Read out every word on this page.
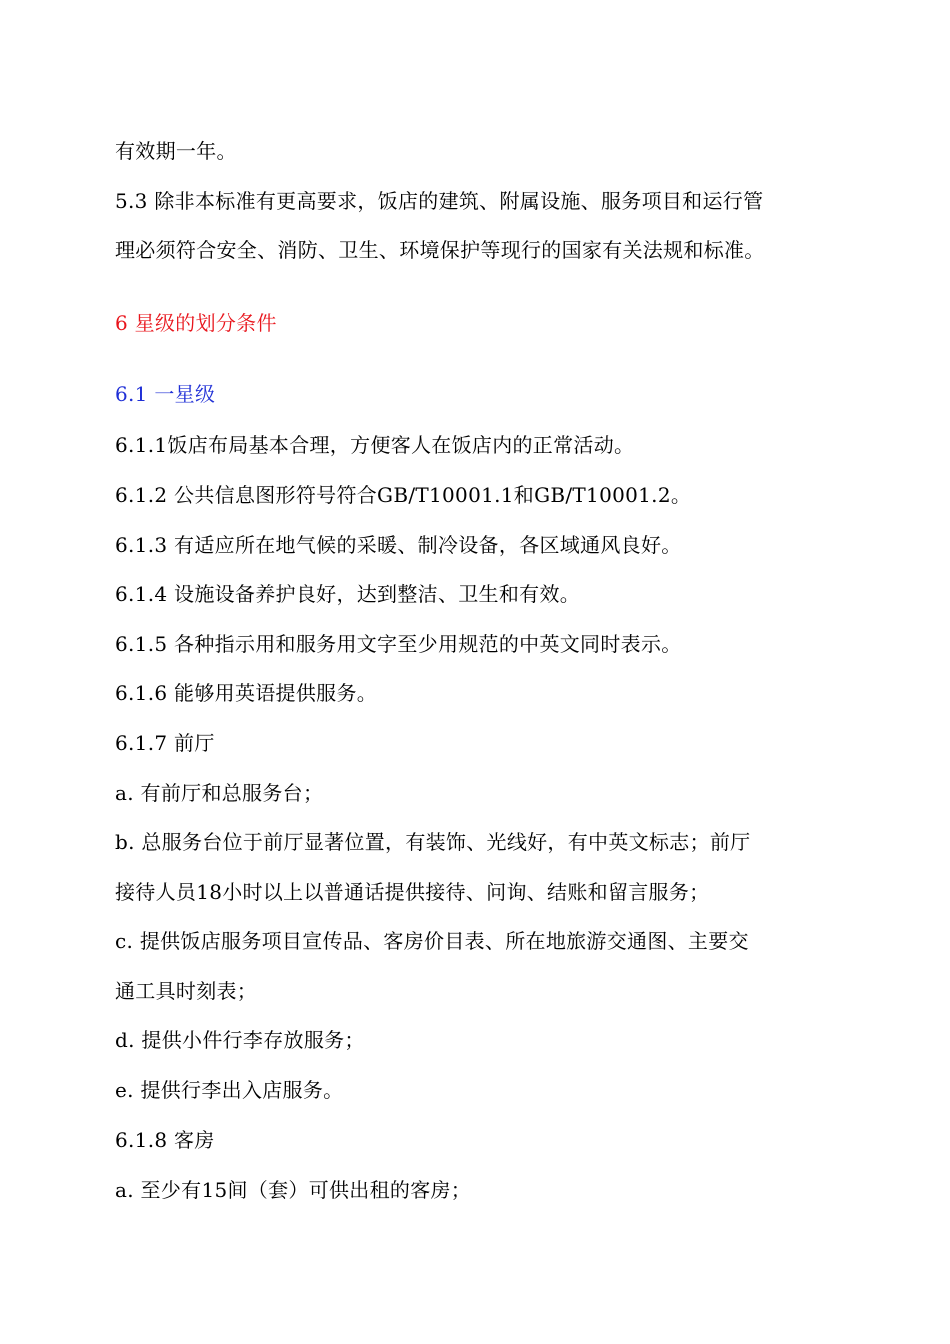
有效期一年。
5.3 除非本标准有更高要求，饭店的建筑、附属设施、服务项目和运行管
理必须符合安全、消防、卫生、环境保护等现行的国家有关法规和标准。
6 星级的划分条件
6.1 一星级
6.1.1饭店布局基本合理，方便客人在饭店内的正常活动。
6.1.2 公共信息图形符号符合GB/T10001.1和GB/T10001.2。
6.1.3 有适应所在地气候的采暖、制冷设备，各区域通风良好。
6.1.4 设施设备养护良好，达到整洁、卫生和有效。
6.1.5 各种指示用和服务用文字至少用规范的中英文同时表示。
6.1.6 能够用英语提供服务。
6.1.7 前厅
a. 有前厅和总服务台；
b. 总服务台位于前厅显著位置，有装饰、光线好，有中英文标志；前厅
接待人员18小时以上以普通话提供接待、问询、结账和留言服务；
c. 提供饭店服务项目宣传品、客房价目表、所在地旅游交通图、主要交
通工具时刻表；
d. 提供小件行李存放服务；
e. 提供行李出入店服务。
6.1.8 客房
a. 至少有15间（套）可供出租的客房；
